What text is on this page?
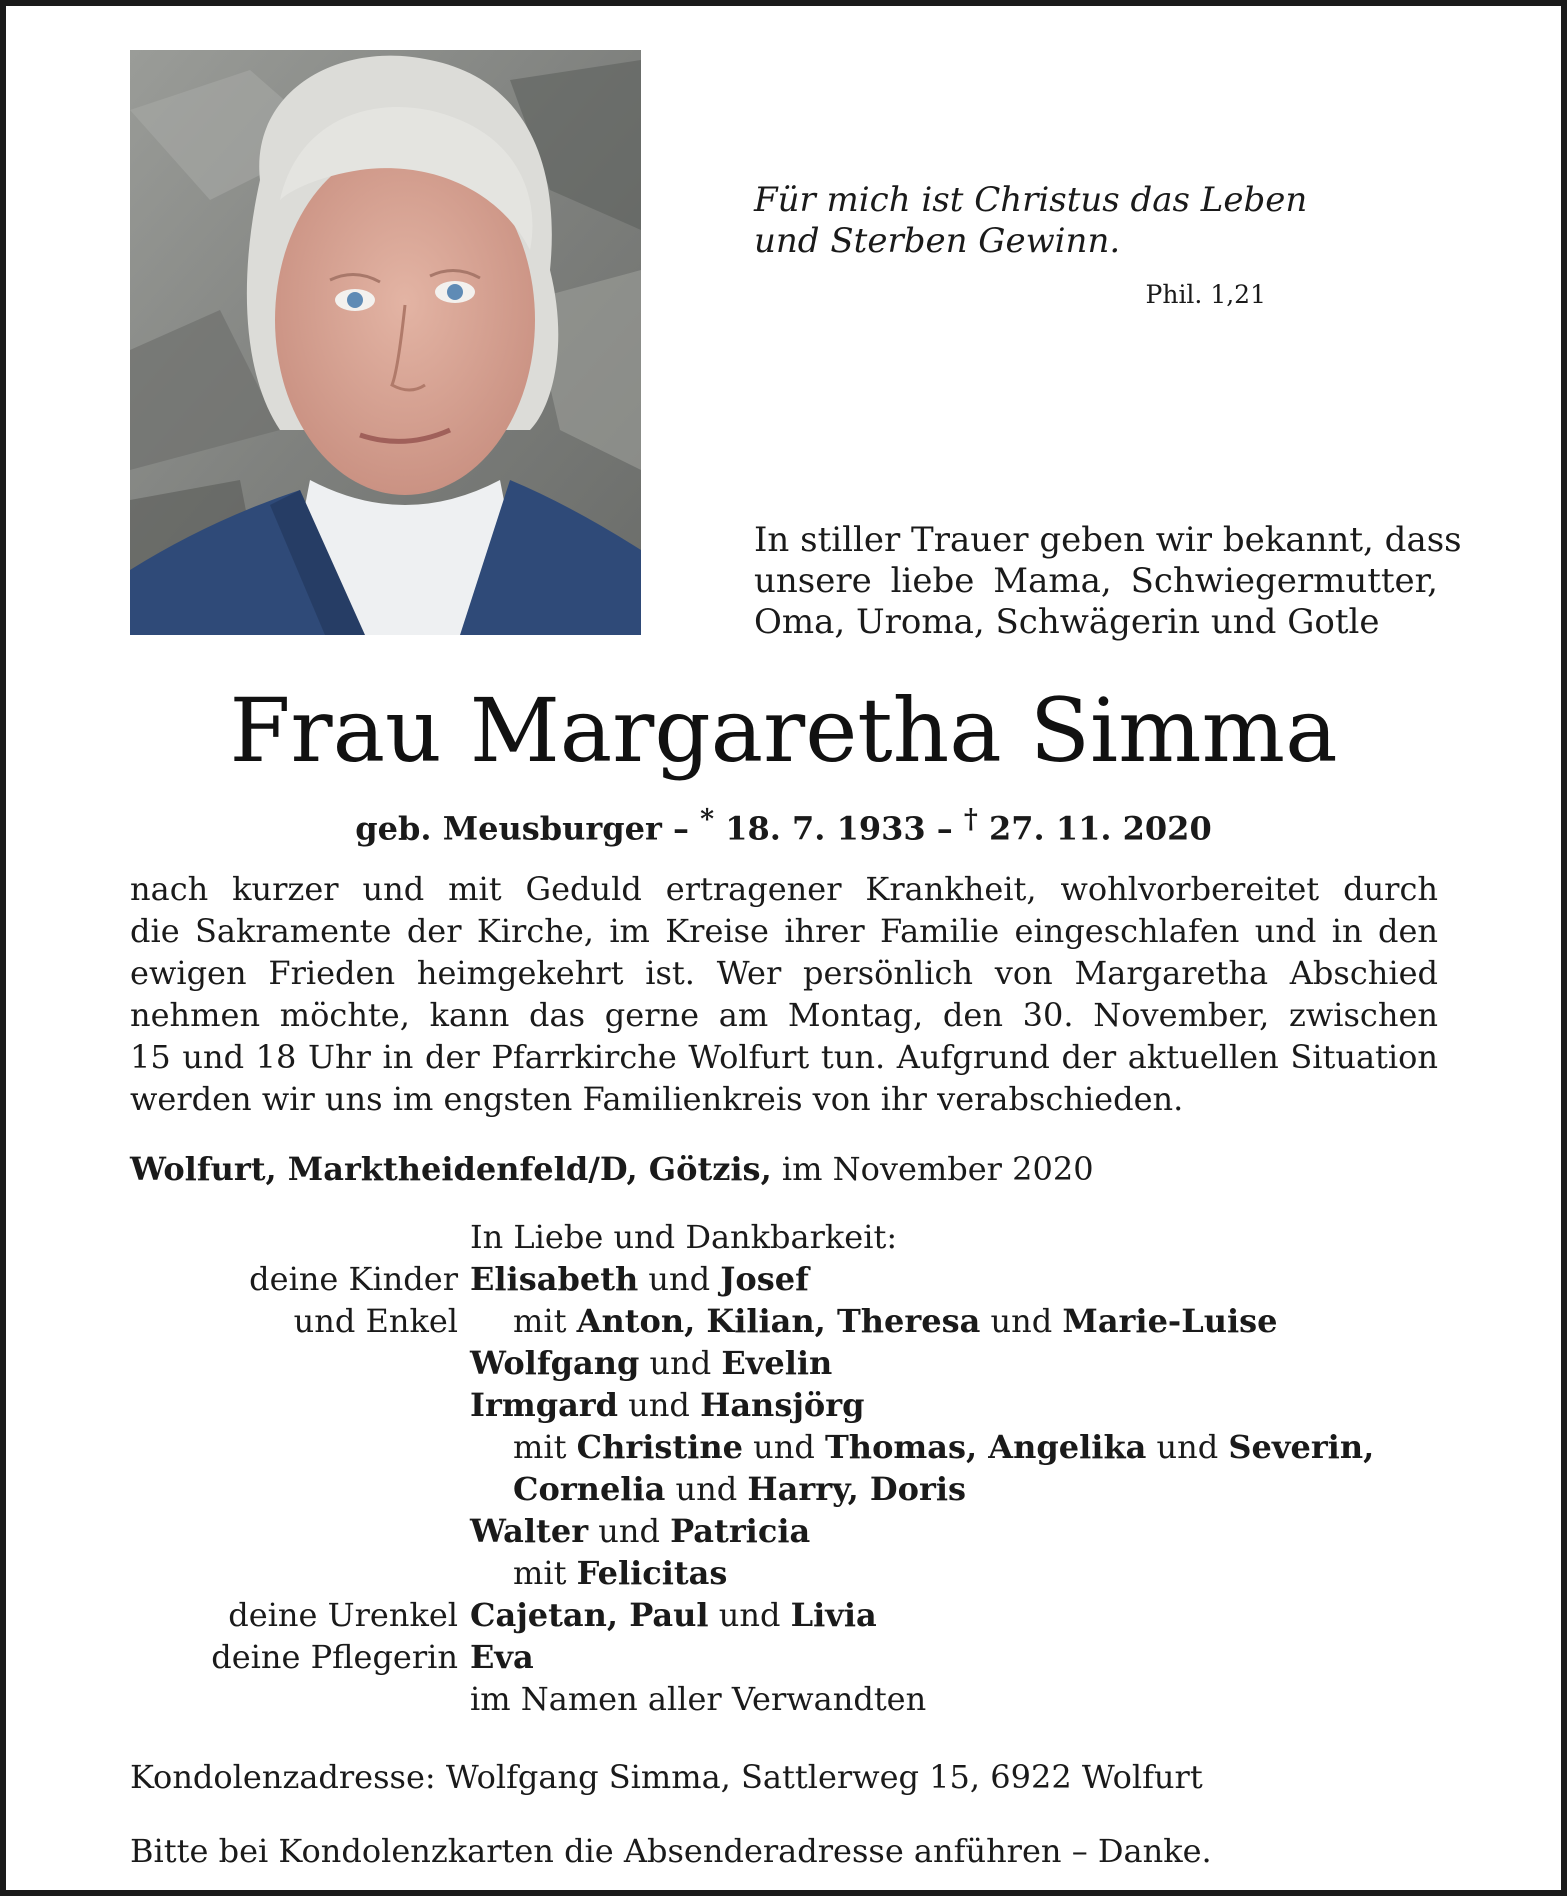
Für mich ist Christus das Leben
und Sterben Gewinn.
Phil. 1,21
In stiller Trauer geben wir bekannt, dass
unsere liebe Mama, Schwiegermutter,
Oma, Uroma, Schwägerin und Gotle
Frau Margaretha Simma
geb. Meusburger – * 18. 7. 1933 – † 27. 11. 2020
nach kurzer und mit Geduld ertragener Krankheit, wohlvorbereitet durch
die Sakramente der Kirche, im Kreise ihrer Familie eingeschlafen und in den
ewigen Frieden heimgekehrt ist. Wer persönlich von Margaretha Abschied
nehmen möchte, kann das gerne am Montag, den 30. November, zwischen
15 und 18 Uhr in der Pfarrkirche Wolfurt tun. Aufgrund der aktuellen Situation
werden wir uns im engsten Familienkreis von ihr verabschieden.
Wolfurt, Marktheidenfeld/D, Götzis, im November 2020
In Liebe und Dankbarkeit:
deine Kinder Elisabeth und Josef
und Enkel mit Anton, Kilian, Theresa und Marie-Luise
Wolfgang und Evelin
Irmgard und Hansjörg
mit Christine und Thomas, Angelika und Severin,
Cornelia und Harry, Doris
Walter und Patricia
mit Felicitas
deine Urenkel Cajetan, Paul und Livia
deine Pflegerin Eva
im Namen aller Verwandten
Kondolenzadresse: Wolfgang Simma, Sattlerweg 15, 6922 Wolfurt
Bitte bei Kondolenzkarten die Absenderadresse anführen – Danke.
